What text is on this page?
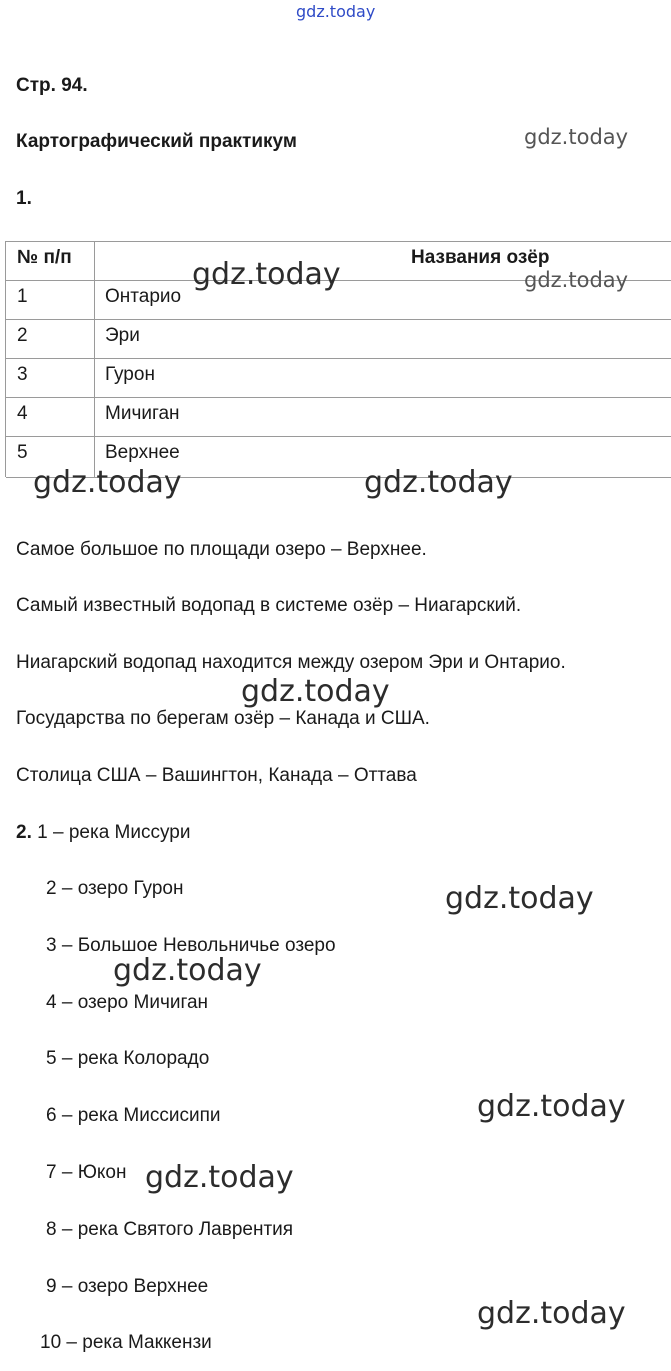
gdz.today
Стр. 94.
Картографический практикум	gdz.today
1.
№ п/п	Названия озёр
1	Онтарио
2	Эри
3	Гурон
4	Мичиган
5	Верхнее
gdz.today	gdz.today
gdz.today	gdz.today
Самое большое по площади озеро – Верхнее.
Самый известный водопад в системе озёр – Ниагарский.
Ниагарский водопад находится между озером Эри и Онтарио.
gdz.today
Государства по берегам озёр – Канада и США.
Столица США – Вашингтон, Канада – Оттава
2. 1 – река Миссури
2 – озеро Гурон	gdz.today
3 – Большое Невольничье озеро
gdz.today
4 – озеро Мичиган
5 – река Колорадо
gdz.today
6 – река Миссисипи
7 – Юкон gdz.today
8 – река Святого Лаврентия
9 – озеро Верхнее
gdz.today
10 – река Маккензи
